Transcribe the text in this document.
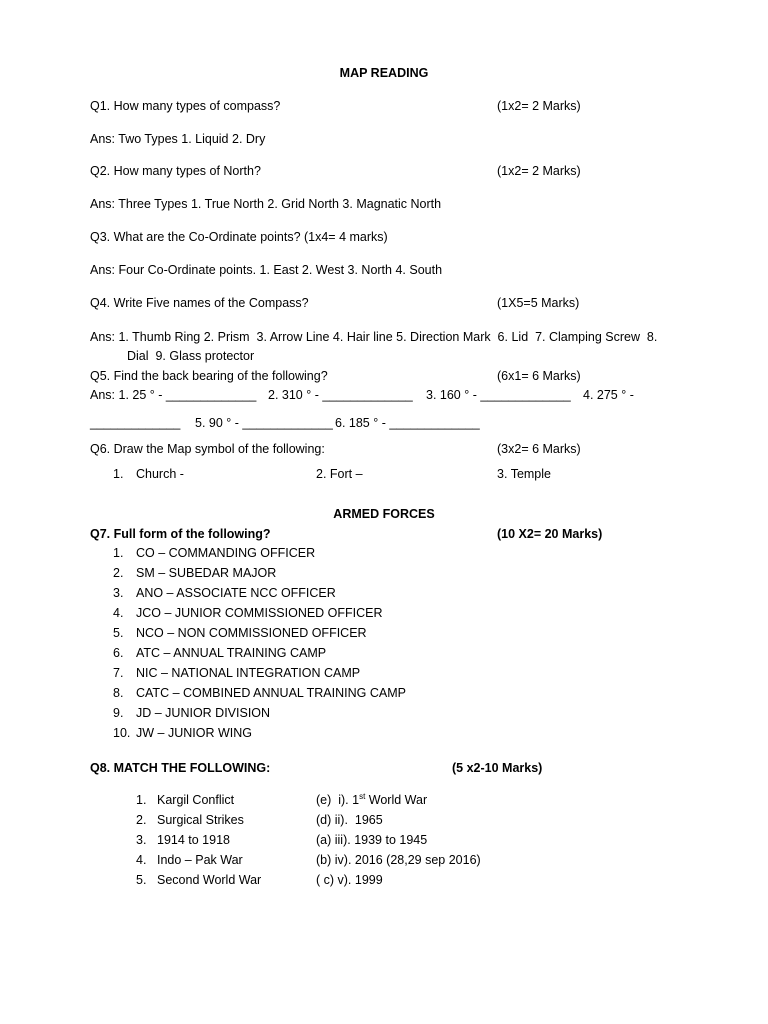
MAP READING
Q1. How many types of compass?	(1x2= 2 Marks)
Ans: Two Types 1. Liquid 2. Dry
Q2. How many types of North?	(1x2= 2 Marks)
Ans: Three Types 1. True North 2. Grid North 3. Magnatic North
Q3. What are the Co-Ordinate points? (1x4= 4 marks)
Ans: Four Co-Ordinate points. 1. East 2. West 3. North 4. South
Q4. Write Five names of the Compass?	(1X5=5 Marks)
Ans: 1. Thumb Ring 2. Prism  3. Arrow Line 4. Hair line 5. Direction Mark  6. Lid  7. Clamping Screw  8.
Dial  9. Glass protector
Q5. Find the back bearing of the following?	(6x1= 6 Marks)
Ans: 1. 25 ° - _____________ 2. 310 ° - _____________ 3. 160 ° - _____________ 4. 275 ° -
_____________ 5. 90 ° - _____________ 6. 185 ° - _____________
Q6. Draw the Map symbol of the following:	(3x2= 6 Marks)
1. Church -	2. Fort –	3. Temple
ARMED FORCES
Q7. Full form of the following?	(10 X2= 20 Marks)
1. CO – COMMANDING OFFICER
2. SM – SUBEDAR MAJOR
3. ANO – ASSOCIATE NCC OFFICER
4. JCO – JUNIOR COMMISSIONED OFFICER
5. NCO – NON COMMISSIONED OFFICER
6. ATC – ANNUAL TRAINING CAMP
7. NIC – NATIONAL INTEGRATION CAMP
8. CATC – COMBINED ANNUAL TRAINING CAMP
9. JD – JUNIOR DIVISION
10. JW – JUNIOR WING
Q8. MATCH THE FOLLOWING:	(5 x2-10 Marks)
1. Kargil Conflict	(e)  i). 1st World War
2. Surgical Strikes	(d) ii).  1965
3. 1914 to 1918	(a) iii). 1939 to 1945
4. Indo – Pak War	(b) iv). 2016 (28,29 sep 2016)
5. Second World War	( c) v). 1999
